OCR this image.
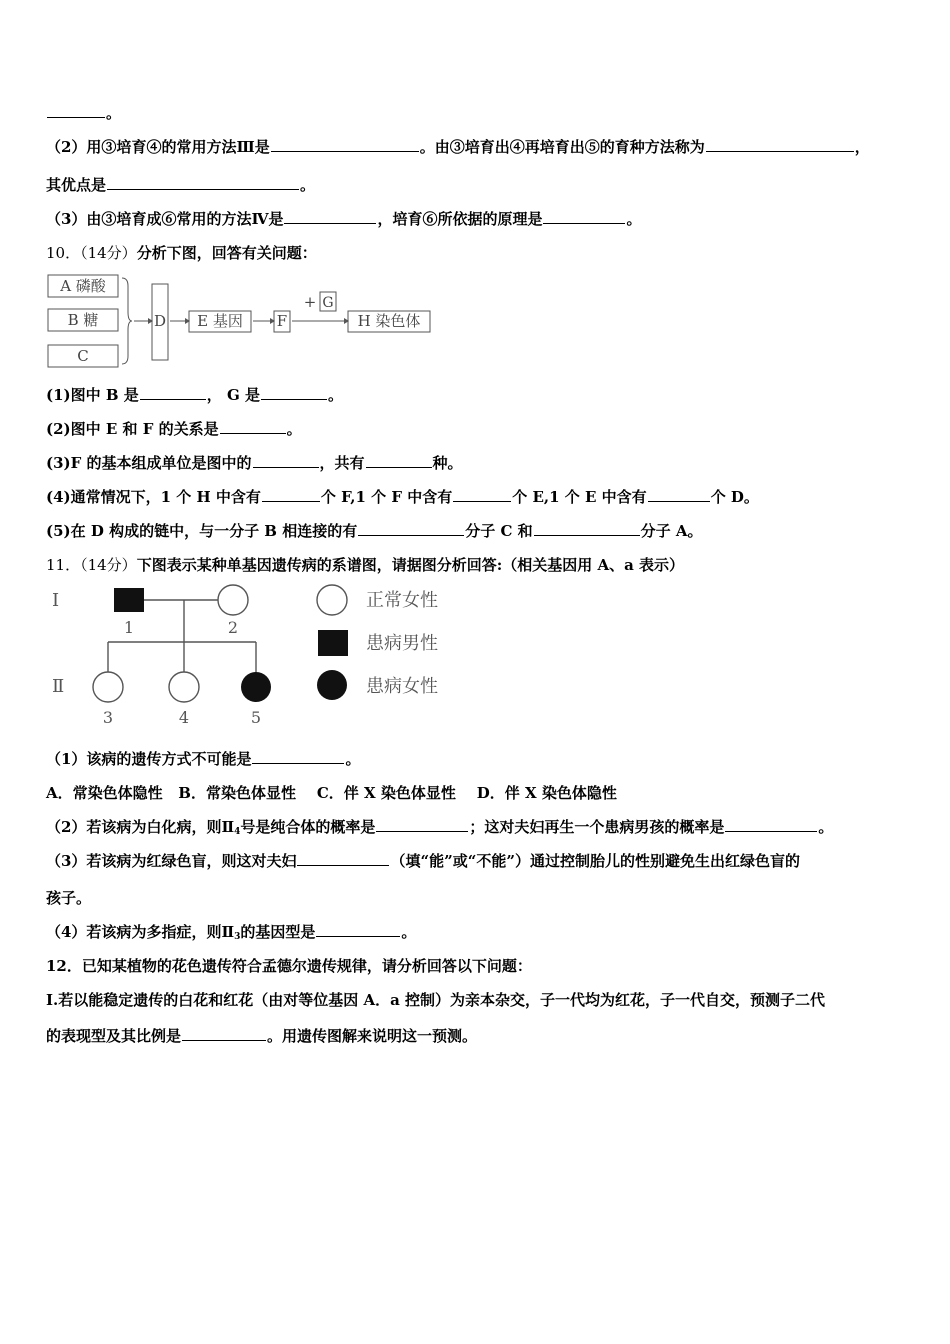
。
（2）用③培育④的常用方法Ⅲ是	。由③培育出④再培育出⑤的育种方法称为	，
其优点是	。
（3）由③培育成⑥常用的方法Ⅳ是	，培育⑥所依据的原理是	。
10．（14分）分析下图，回答有关问题：
A 磷酸
B 糖
C
D E 基因 F
+ G
H 染色体
(1)图中 B 是	， G 是	。
(2)图中 E 和 F 的关系是	。
(3)F 的基本组成单位是图中的	，共有	种。
(4)通常情况下，1 个 H 中含有	个 F,1 个 F 中含有	个 E,1 个 E 中含有	个 D。
(5)在 D 构成的链中，与一分子 B 相连接的有	分子 C 和	分子 A。
11．（14分）下图表示某种单基因遗传病的系谱图，请据图分析回答:（相关基因用 A、a 表示）
I
Ⅱ
1	2
3	4	5
正常女性
患病男性
患病女性
（1）该病的遗传方式不可能是	。
A．常染色体隐性   B．常染色体显性    C．伴 X 染色体显性    D．伴 X 染色体隐性
（2）若该病为白化病，则$Ⅱ_4$号是纯合体的概率是	；这对夫妇再生一个患病男孩的概率是	。
（3）若该病为红绿色盲，则这对夫妇	（填“能”或“不能”）通过控制胎儿的性别避免生出红绿色盲的
孩子。
（4）若该病为多指症，则$Ⅱ_3$的基因型是	。
12．已知某植物的花色遗传符合孟德尔遗传规律，请分析回答以下问题：
Ⅰ.若以能稳定遗传的白花和红花（由对等位基因 A．a 控制）为亲本杂交，子一代均为红花，子一代自交，预测子二代
的表现型及其比例是	。用遗传图解来说明这一预测。
